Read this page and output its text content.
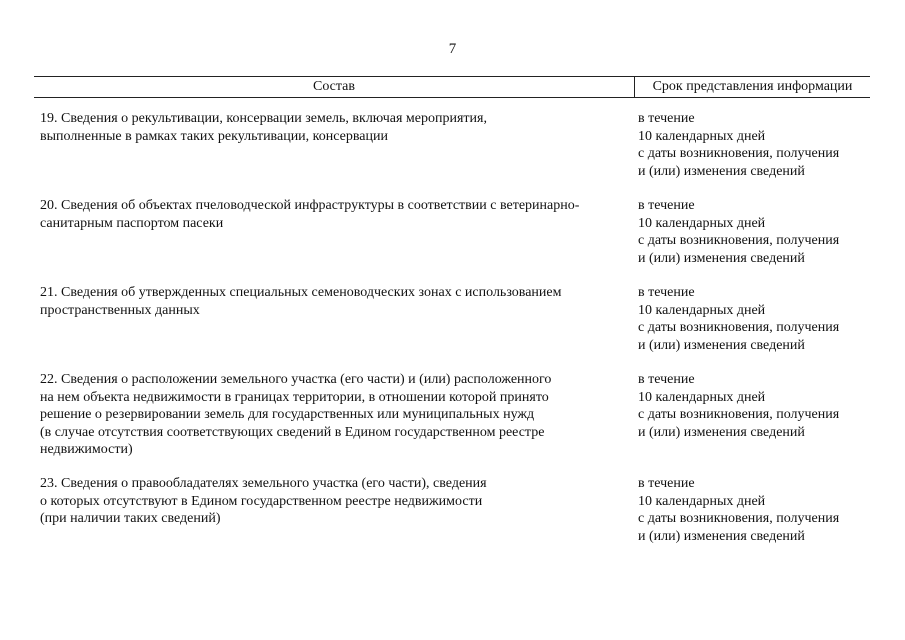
7
Состав	Срок представления информации
19. Сведения о рекультивации, консервации земель, включая мероприятия,
выполненные в рамках таких рекультивации, консервации
в течение
10 календарных дней
с даты возникновения, получения
и (или) изменения сведений
20. Сведения об объектах пчеловодческой инфраструктуры в соответствии с ветеринарно-
санитарным паспортом пасеки
в течение
10 календарных дней
с даты возникновения, получения
и (или) изменения сведений
21. Сведения об утвержденных специальных семеноводческих зонах с использованием
пространственных данных
в течение
10 календарных дней
с даты возникновения, получения
и (или) изменения сведений
22. Сведения о расположении земельного участка (его части) и (или) расположенного
на нем объекта недвижимости в границах территории, в отношении которой принято
решение о резервировании земель для государственных или муниципальных нужд
(в случае отсутствия соответствующих сведений в Едином государственном реестре
недвижимости)
в течение
10 календарных дней
с даты возникновения, получения
и (или) изменения сведений
23. Сведения о правообладателях земельного участка (его части), сведения
о которых отсутствуют в Едином государственном реестре недвижимости
(при наличии таких сведений)
в течение
10 календарных дней
с даты возникновения, получения
и (или) изменения сведений
